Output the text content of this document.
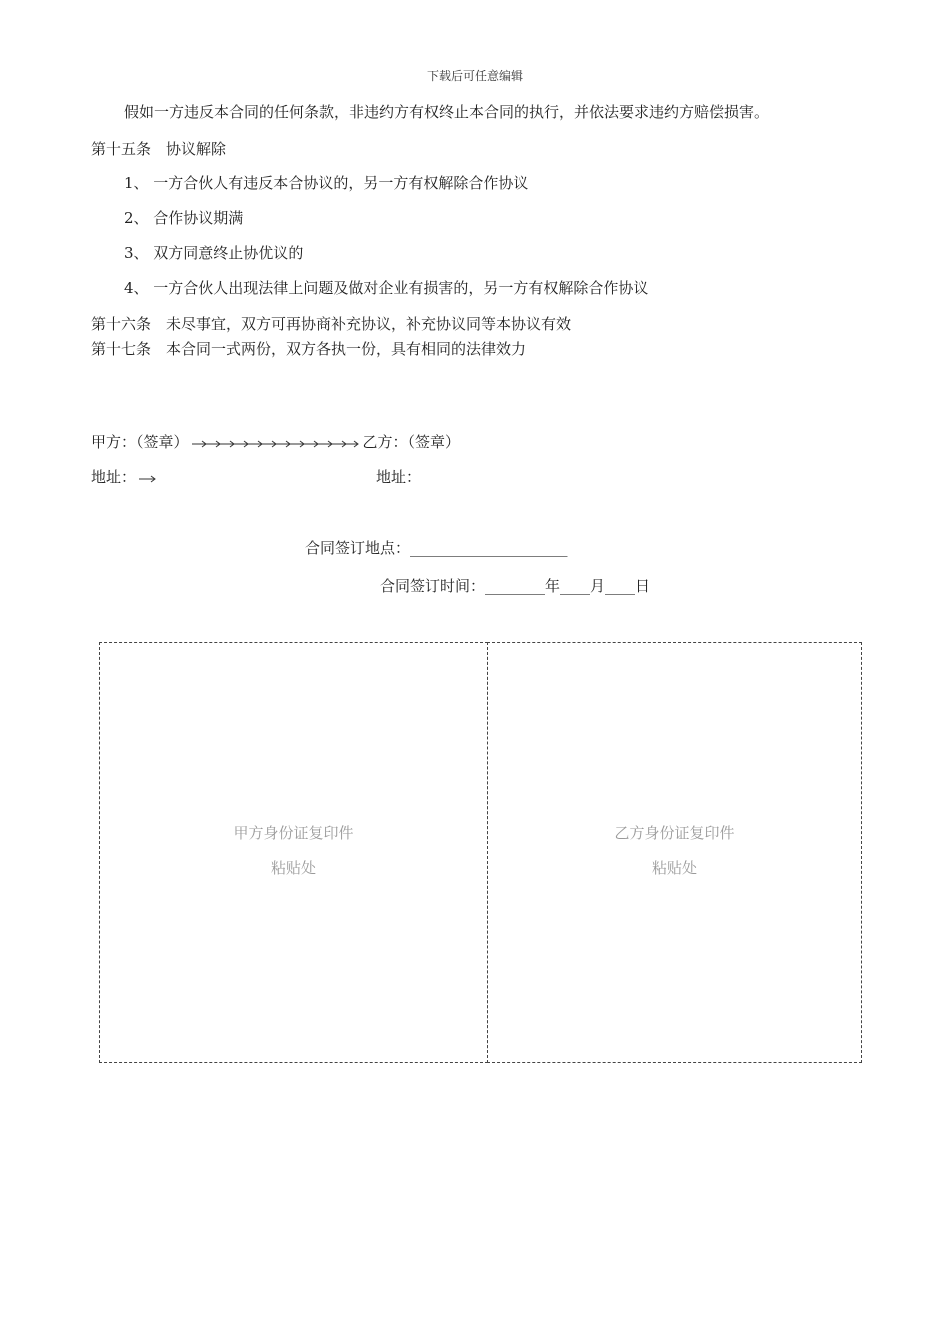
下载后可任意编辑
假如一方违反本合同的任何条款，非违约方有权终止本合同的执行，并依法要求违约方赔偿损害。
第十五条　协议解除
1、 一方合伙人有违反本合协议的，另一方有权解除合作协议
2、 合作协议期满
3、 双方同意终止协优议的
4、 一方合伙人出现法律上问题及做对企业有损害的，另一方有权解除合作协议
第十六条　未尽事宜，双方可再协商补充协议，补充协议同等本协议有效
第十七条　本合同一式两份，双方各执一份，具有相同的法律效力
甲方：（签章）	乙方：（签章）
地址：	地址：
合同签订地点：_____________________
合同签订时间：________年____月____日
甲方身份证复印件
粘贴处
乙方身份证复印件
粘贴处
